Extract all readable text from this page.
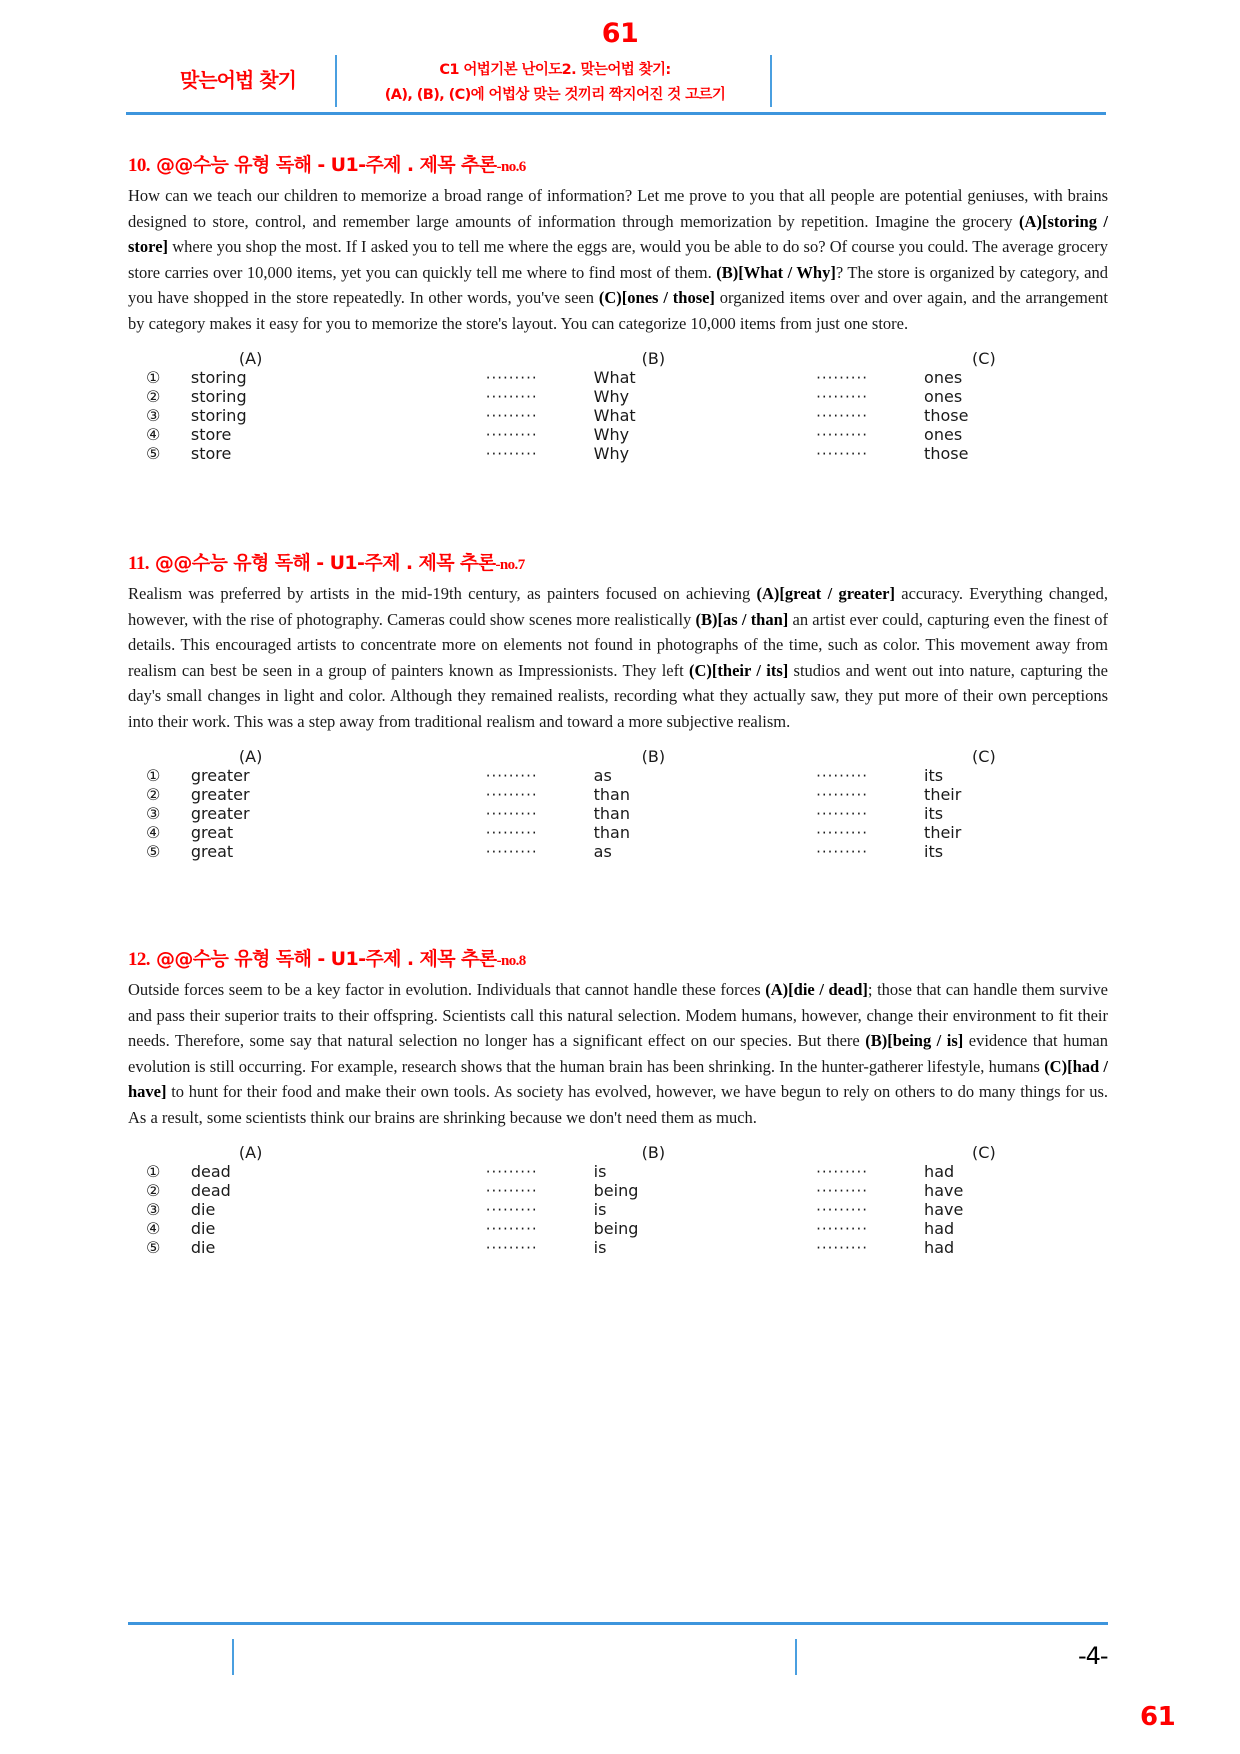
61
맞는어법 찾기	C1 어법기본 난이도2. 맞는어법 찾기:
(A), (B), (C)에 어법상 맞는 것끼리 짝지어진 것 고르기
10. @@수능 유형 독해 - U1-주제 . 제목 추론-no.6

How can we teach our children to memorize a broad range of information? Let me prove to you that all people are potential geniuses, with brains designed to store, control, and remember large amounts of information through memorization by repetition. Imagine the grocery (A)[storing / store] where you shop the most. If I asked you to tell me where the eggs are, would you be able to do so? Of course you could. The average grocery store carries over 10,000 items, yet you can quickly tell me where to find most of them. (B)[What / Why]? The store is organized by category, and you have shopped in the store repeatedly. In other words, you've seen (C)[ones / those] organized items over and over again, and the arrangement by category makes it easy for you to memorize the store's layout. You can categorize 10,000 items from just one store.

	(A)		(B)		(C)
①	storing	·········	What	·········	ones
②	storing	·········	Why	·········	ones
③	storing	·········	What	·········	those
④	store	·········	Why	·········	ones
⑤	store	·········	Why	·········	those
11. @@수능 유형 독해 - U1-주제 . 제목 추론-no.7

Realism was preferred by artists in the mid-19th century, as painters focused on achieving (A)[great / greater] accuracy. Everything changed, however, with the rise of photography. Cameras could show scenes more realistically (B)[as / than] an artist ever could, capturing even the finest of details. This encouraged artists to concentrate more on elements not found in photographs of the time, such as color. This movement away from realism can best be seen in a group of painters known as Impressionists. They left (C)[their / its] studios and went out into nature, capturing the day's small changes in light and color. Although they remained realists, recording what they actually saw, they put more of their own perceptions into their work. This was a step away from traditional realism and toward a more subjective realism.

	(A)		(B)		(C)
①	greater	·········	as	·········	its
②	greater	·········	than	·········	their
③	greater	·········	than	·········	its
④	great	·········	than	·········	their
⑤	great	·········	as	·········	its
12. @@수능 유형 독해 - U1-주제 . 제목 추론-no.8

Outside forces seem to be a key factor in evolution. Individuals that cannot handle these forces (A)[die / dead]; those that can handle them survive and pass their superior traits to their offspring. Scientists call this natural selection. Modem humans, however, change their environment to fit their needs. Therefore, some say that natural selection no longer has a significant effect on our species. But there (B)[being / is] evidence that human evolution is still occurring. For example, research shows that the human brain has been shrinking. In the hunter-gatherer lifestyle, humans (C)[had / have] to hunt for their food and make their own tools. As society has evolved, however, we have begun to rely on others to do many things for us. As a result, some scientists think our brains are shrinking because we don't need them as much.

	(A)		(B)		(C)
①	dead	·········	is	·········	had
②	dead	·········	being	·········	have
③	die	·········	is	·········	have
④	die	·········	being	·········	had
⑤	die	·········	is	·········	had
-4-
61
